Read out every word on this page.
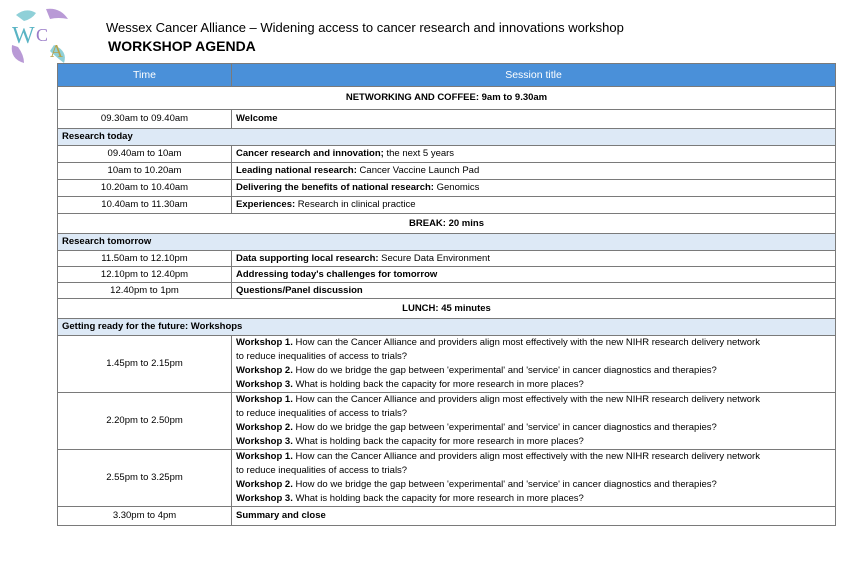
W C
A
Wessex Cancer Alliance – Widening access to cancer research and innovations workshop
WORKSHOP AGENDA
Time	Session title
NETWORKING AND COFFEE: 9am to 9.30am	
09.30am to 09.40am	Welcome
Research today	
09.40am to 10am	Cancer research and innovation; the next 5 years
10am to 10.20am	Leading national research: Cancer Vaccine Launch Pad
10.20am to 10.40am	Delivering the benefits of national research: Genomics
10.40am to 11.30am	Experiences: Research in clinical practice
BREAK: 20 mins	
Research tomorrow	
11.50am to 12.10pm	Data supporting local research: Secure Data Environment
12.10pm to 12.40pm	Addressing today's challenges for tomorrow
12.40pm to 1pm	Questions/Panel discussion
LUNCH: 45 minutes	
Getting ready for the future: Workshops	
1.45pm to 2.15pm	Workshop 1. How can the Cancer Alliance and providers align most effectively with the new NIHR research delivery network
to reduce inequalities of access to trials?
Workshop 2. How do we bridge the gap between 'experimental' and 'service' in cancer diagnostics and therapies?
Workshop 3. What is holding back the capacity for more research in more places?

2.20pm to 2.50pm	Workshop 1. How can the Cancer Alliance and providers align most effectively with the new NIHR research delivery network
to reduce inequalities of access to trials?
Workshop 2. How do we bridge the gap between 'experimental' and 'service' in cancer diagnostics and therapies?
Workshop 3. What is holding back the capacity for more research in more places?

2.55pm to 3.25pm	Workshop 1. How can the Cancer Alliance and providers align most effectively with the new NIHR research delivery network
to reduce inequalities of access to trials?
Workshop 2. How do we bridge the gap between 'experimental' and 'service' in cancer diagnostics and therapies?
Workshop 3. What is holding back the capacity for more research in more places?

3.30pm to 4pm	Summary and close
